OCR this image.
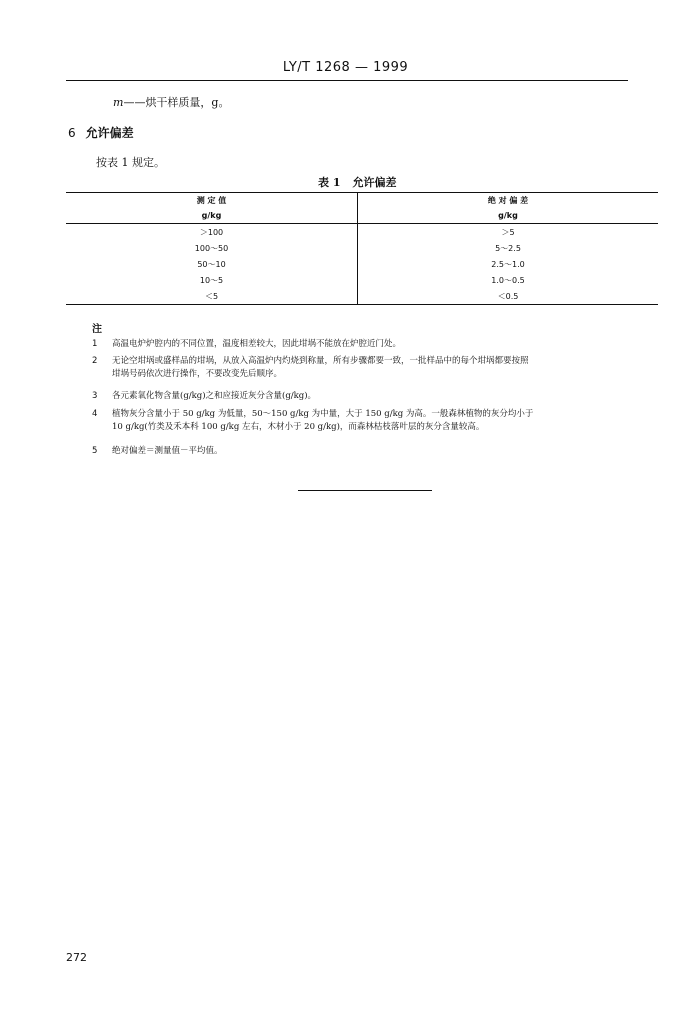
LY/T 1268 — 1999
m——烘干样质量，g。
6 允许偏差
按表 1 规定。
表 1 允许偏差
测 定 值	绝 对 偏 差
g/kg	g/kg
＞100	＞5
100～50	5～2.5
50～10	2.5～1.0
10～5	1.0～0.5
＜5	＜0.5
注
1 高温电炉炉腔内的不同位置，温度相差较大，因此坩埚不能放在炉腔近门处。
2 无论空坩埚或盛样品的坩埚，从放入高温炉内灼烧到称量，所有步骤都要一致，一批样品中的每个坩埚都要按照
坩埚号码依次进行操作，不要改变先后顺序。
3 各元素氧化物含量(g/kg)之和应接近灰分含量(g/kg)。
4 植物灰分含量小于 50 g/kg 为低量，50～150 g/kg 为中量，大于 150 g/kg 为高。一般森林植物的灰分均小于
10 g/kg(竹类及禾本科 100 g/kg 左右，木材小于 20 g/kg)，而森林枯枝落叶层的灰分含量较高。
5 绝对偏差＝测量值－平均值。
272
